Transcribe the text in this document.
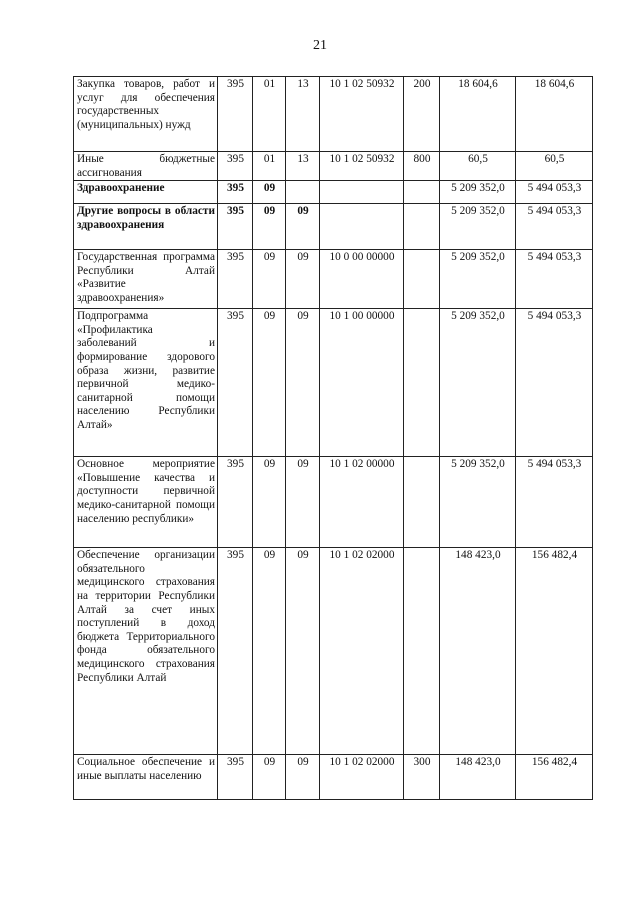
21
Закупка товаров, работ и услуг для обеспечения государственных (муниципальных) нужд	395	01	13	10 1 02 50932	200	18 604,6	18 604,6
Иные бюджетные ассигнования	395	01	13	10 1 02 50932	800	60,5	60,5
Здравоохранение	395	09				5 209 352,0	5 494 053,3
Другие вопросы в области здравоохранения	395	09	09			5 209 352,0	5 494 053,3
Государственная программа Республики Алтай «Развитие здравоохранения»	395	09	09	10 0 00 00000		5 209 352,0	5 494 053,3
Подпрограмма «Профилактика заболеваний и формирование здорового образа жизни, развитие первичной медико-санитарной помощи населению Республики Алтай»	395	09	09	10 1 00 00000		5 209 352,0	5 494 053,3
Основное мероприятие «Повышение качества и доступности первичной медико-санитарной помощи населению республики»	395	09	09	10 1 02 00000		5 209 352,0	5 494 053,3
Обеспечение организации обязательного медицинского страхования на территории Республики Алтай за счет иных поступлений в доход бюджета Территориального фонда обязательного медицинского страхования Республики Алтай	395	09	09	10 1 02 02000		148 423,0	156 482,4
Социальное обеспечение и иные выплаты населению	395	09	09	10 1 02 02000	300	148 423,0	156 482,4
